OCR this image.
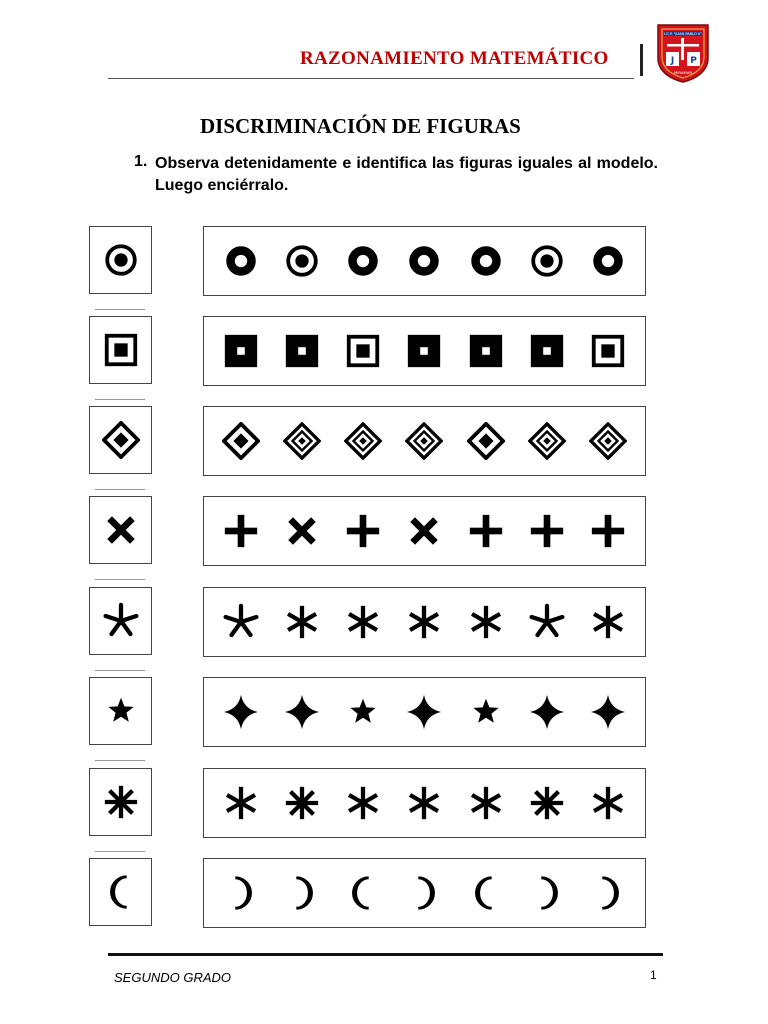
RAZONAMIENTO MATEMÁTICO
I.E.P. "JUAN PABLO II"
J P
MIRAMAR
DISCRIMINACIÓN DE FIGURAS
1. Observa detenidamente e identifica las figuras iguales al modelo. Luego enciérralo.
SEGUNDO GRADO	1
